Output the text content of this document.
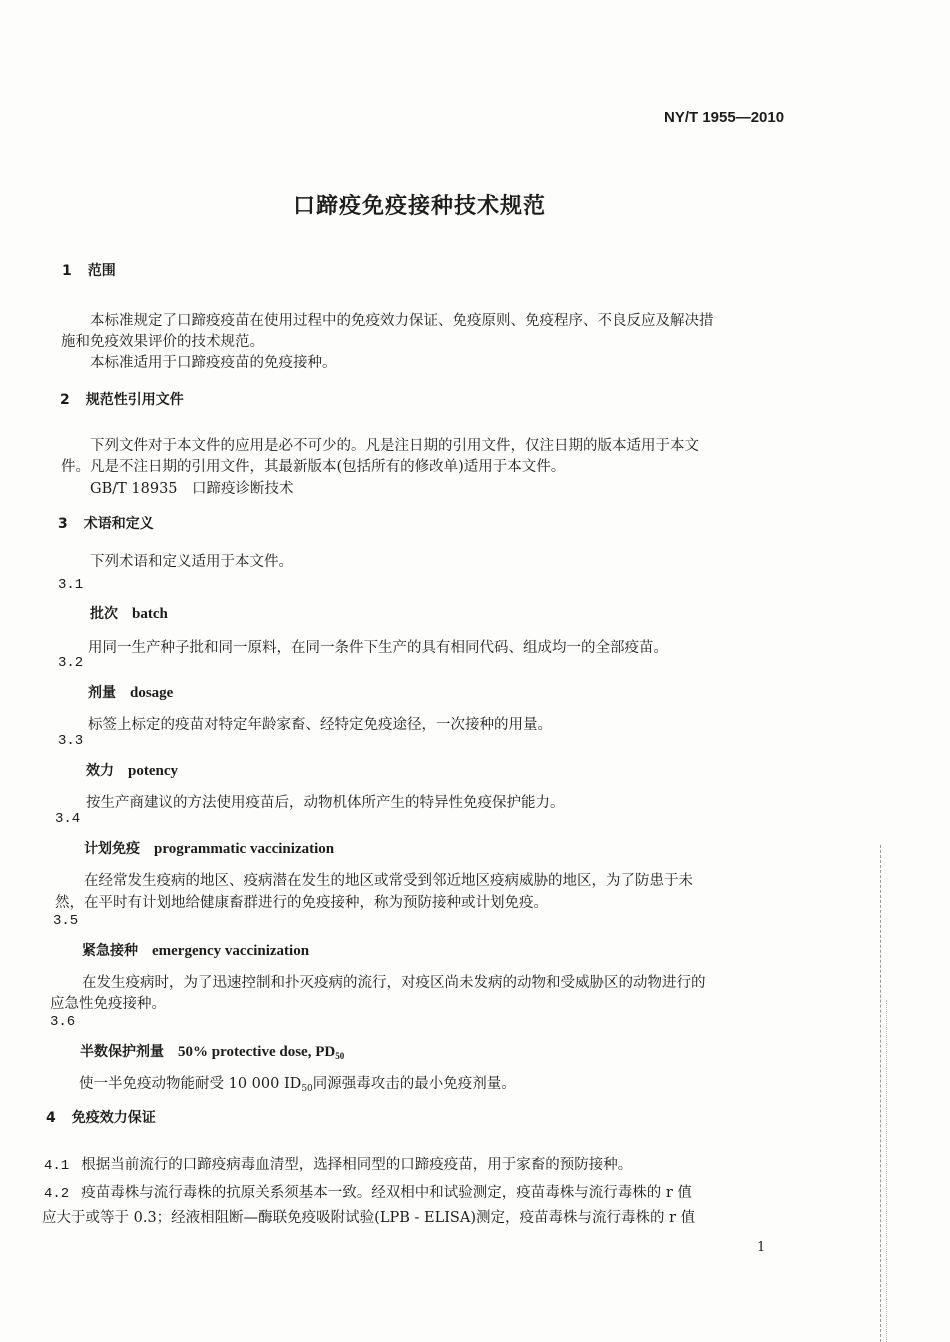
NY/T 1955—2010
口蹄疫免疫接种技术规范
1 范围
本标准规定了口蹄疫疫苗在使用过程中的免疫效力保证、免疫原则、免疫程序、不良反应及解决措
施和免疫效果评价的技术规范。
本标准适用于口蹄疫疫苗的免疫接种。
2 规范性引用文件
下列文件对于本文件的应用是必不可少的。凡是注日期的引用文件，仅注日期的版本适用于本文
件。凡是不注日期的引用文件，其最新版本(包括所有的修改单)适用于本文件。
GB/T 18935　口蹄疫诊断技术
3 术语和定义
下列术语和定义适用于本文件。
3.1
批次 batch
用同一生产种子批和同一原料，在同一条件下生产的具有相同代码、组成均一的全部疫苗。
3.2
剂量 dosage
标签上标定的疫苗对特定年龄家畜、经特定免疫途径，一次接种的用量。
3.3
效力 potency
按生产商建议的方法使用疫苗后，动物机体所产生的特异性免疫保护能力。
3.4
计划免疫 programmatic vaccinization
在经常发生疫病的地区、疫病潜在发生的地区或常受到邻近地区疫病威胁的地区，为了防患于未
然，在平时有计划地给健康畜群进行的免疫接种，称为预防接种或计划免疫。
3.5
紧急接种 emergency vaccinization
在发生疫病时，为了迅速控制和扑灭疫病的流行，对疫区尚未发病的动物和受威胁区的动物进行的
应急性免疫接种。
3.6
半数保护剂量 50% protective dose, $PD_{50}$
使一半免疫动物能耐受 10 000 $ID_{50}$同源强毒攻击的最小免疫剂量。
4 免疫效力保证
4.1 根据当前流行的口蹄疫病毒血清型，选择相同型的口蹄疫疫苗，用于家畜的预防接种。
4.2 疫苗毒株与流行毒株的抗原关系须基本一致。经双相中和试验测定，疫苗毒株与流行毒株的 r 值
应大于或等于 0.3；经液相阻断—酶联免疫吸附试验(LPB - ELISA)测定，疫苗毒株与流行毒株的 r 值
1
